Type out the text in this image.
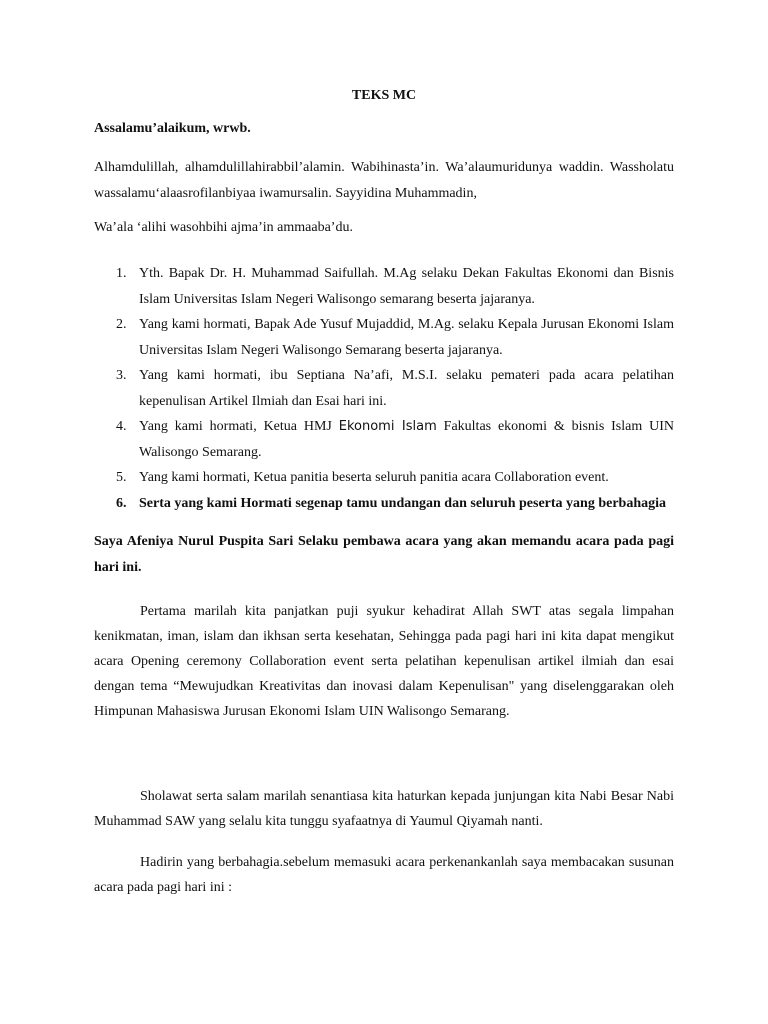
TEKS MC

Assalamu’alaikum, wrwb.

Alhamdulillah, alhamdulillahirabbil’alamin. Wabihinasta’in. Wa’alaumuridunya waddin. Wassholatu wassalamu‘alaasrofilanbiyaa iwamursalin. Sayyidina Muhammadin,

Wa’ala ‘alihi wasohbihi ajma’in ammaaba’du.

1. Yth. Bapak Dr. H. Muhammad Saifullah. M.Ag selaku Dekan Fakultas Ekonomi dan Bisnis Islam Universitas Islam Negeri Walisongo semarang beserta jajaranya.
2. Yang kami hormati, Bapak Ade Yusuf Mujaddid, M.Ag. selaku Kepala Jurusan Ekonomi Islam Universitas Islam Negeri Walisongo Semarang beserta jajaranya.
3. Yang kami hormati, ibu Septiana Na’afi, M.S.I. selaku pemateri pada acara pelatihan kepenulisan Artikel Ilmiah dan Esai hari ini.
4. Yang kami hormati, Ketua HMJ Ekonomi Islam Fakultas ekonomi & bisnis Islam UIN Walisongo Semarang.
5. Yang kami hormati, Ketua panitia beserta seluruh panitia acara Collaboration event.
6. Serta yang kami Hormati segenap tamu undangan dan seluruh peserta yang berbahagia

Saya Afeniya Nurul Puspita Sari Selaku pembawa acara yang akan memandu acara pada pagi hari ini.

Pertama marilah kita panjatkan puji syukur kehadirat Allah SWT atas segala limpahan kenikmatan, iman, islam dan ikhsan serta kesehatan, Sehingga pada pagi hari ini kita dapat mengikut acara Opening ceremony Collaboration event serta pelatihan kepenulisan artikel ilmiah dan esai dengan tema “Mewujudkan Kreativitas dan inovasi dalam Kepenulisan" yang diselenggarakan oleh Himpunan Mahasiswa Jurusan Ekonomi Islam UIN Walisongo Semarang.

Sholawat serta salam marilah senantiasa kita haturkan kepada junjungan kita Nabi Besar Nabi Muhammad SAW yang selalu kita tunggu syafaatnya di Yaumul Qiyamah nanti.

Hadirin yang berbahagia.sebelum memasuki acara perkenankanlah saya membacakan susunan acara pada pagi hari ini :
